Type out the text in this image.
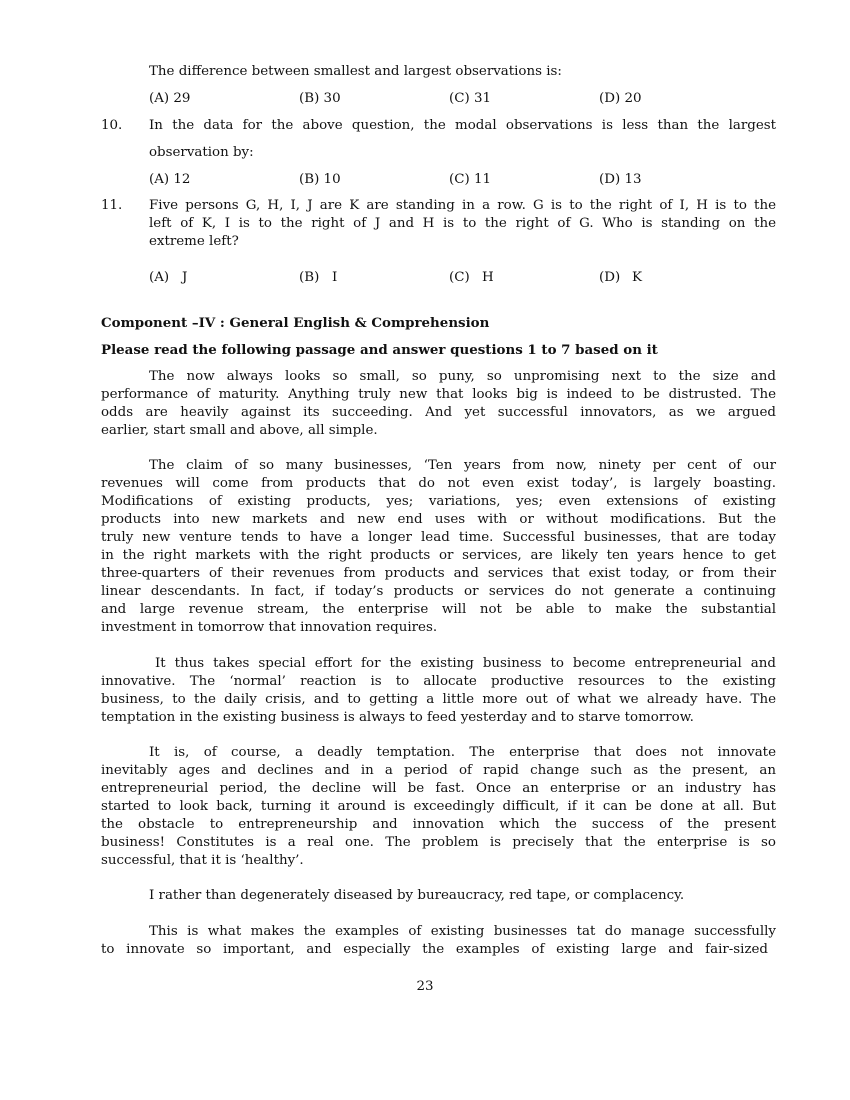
The difference between smallest and largest observations is:
(A) 29	(B) 30	(C) 31	(D) 20
10. In the data for the above question, the modal observations is less than the largest
observation by:
(A) 12	(B) 10	(C) 11	(D) 13
11. Five persons G, H, I, J are K are standing in a row. G is to the right of I, H is to the
left of K, I is to the right of J and H is to the right of G. Who is standing on the
extreme left?
(A) J	(B) I	(C) H	(D) K
Component –IV : General English & Comprehension
Please read the following passage and answer questions 1 to 7 based on it
The now always looks so small, so puny, so unpromising next to the size and
performance of maturity. Anything truly new that looks big is indeed to be distrusted. The
odds are heavily against its succeeding. And yet successful innovators, as we argued
earlier, start small and above, all simple.
The claim of so many businesses, ‘Ten years from now, ninety per cent of our
revenues will come from products that do not even exist today’, is largely boasting.
Modifications of existing products, yes; variations, yes; even extensions of existing
products into new markets and new end uses with or without modifications. But the
truly new venture tends to have a longer lead time. Successful businesses, that are today
in the right markets with the right products or services, are likely ten years hence to get
three-quarters of their revenues from products and services that exist today, or from their
linear descendants. In fact, if today’s products or services do not generate a continuing
and large revenue stream, the enterprise will not be able to make the substantial
investment in tomorrow that innovation requires.
It thus takes special effort for the existing business to become entrepreneurial and
innovative. The ‘normal’ reaction is to allocate productive resources to the existing
business, to the daily crisis, and to getting a little more out of what we already have. The
temptation in the existing business is always to feed yesterday and to starve tomorrow.
It is, of course, a deadly temptation. The enterprise that does not innovate
inevitably ages and declines and in a period of rapid change such as the present, an
entrepreneurial period, the decline will be fast. Once an enterprise or an industry has
started to look back, turning it around is exceedingly difficult, if it can be done at all. But
the obstacle to entrepreneurship and innovation which the success of the present
business! Constitutes is a real one. The problem is precisely that the enterprise is so
successful, that it is ‘healthy’.
I rather than degenerately diseased by bureaucracy, red tape, or complacency.
This is what makes the examples of existing businesses tat do manage successfully
to innovate so important, and especially the examples of existing large and fair-sized
23
